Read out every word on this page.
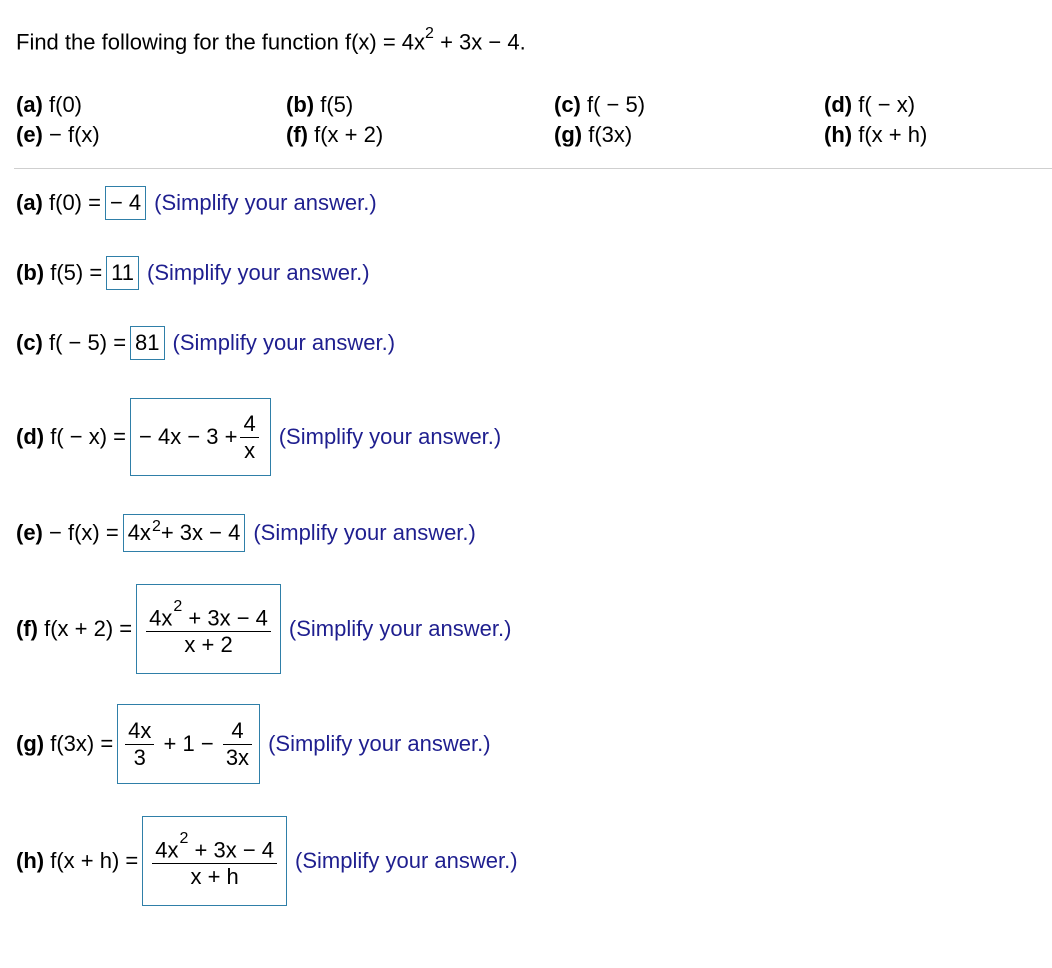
Find the following for the function $f(x) = 4x^2 + 3x - 4$.
(a) f(0)	(b) f(5)	(c) f( − 5)	(d) f( − x)
(e) − f(x)	(f) f(x + 2)	(g) f(3x)	(h) f(x + h)
(a) f(0) = − 4 (Simplify your answer.)
(b) f(5) = 11 (Simplify your answer.)
(c) f( − 5) = 81 (Simplify your answer.)
(d) f( − x) = − $4x - 3 + \frac{4}{x}$ (Simplify your answer.)
$(e) - f(x) = 4x^2 + 3x - 4$ (Simplify your answer.)
(f) $f(x + 2) = \frac{4x^2 + 3x - 4}{x + 2}$ (Simplify your answer.)
(g) $f(3x) = \frac{4x}{3} + 1 - \frac{4}{3x}$ (Simplify your answer.)
(h) $f(x + h) = \frac{4x^2 + 3x - 4}{x + h}$ (Simplify your answer.)
